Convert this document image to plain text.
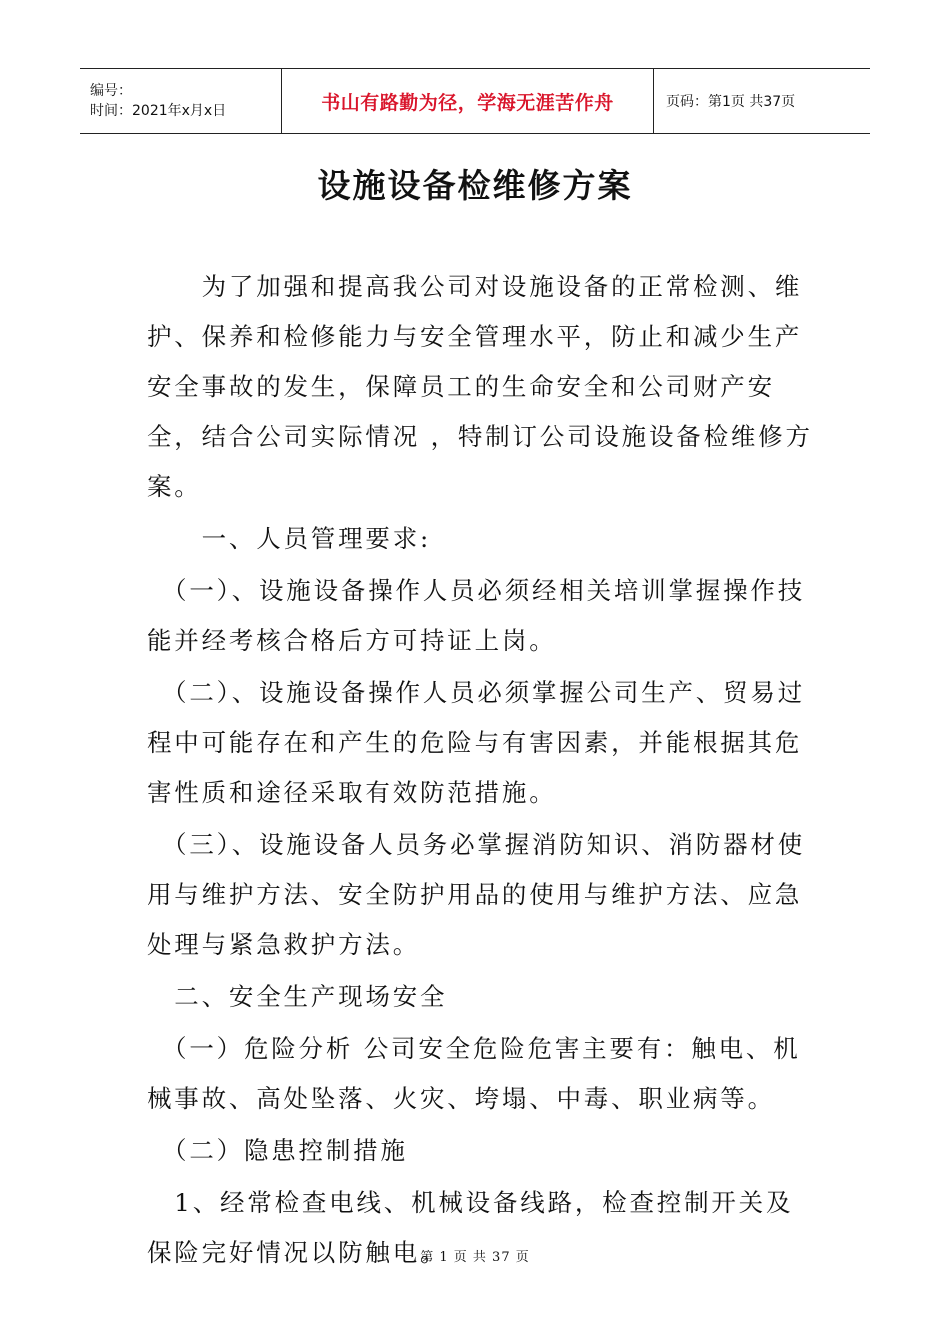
编号：
时间：2021年x月x日	书山有路勤为径，学海无涯苦作舟	页码：第1页 共37页
设施设备检维修方案

　　为了加强和提高我公司对设施设备的正常检测、维护、保养和检修能力与安全管理水平，防止和减少生产安全事故的发生，保障员工的生命安全和公司财产安全，结合公司实际情况 ，特制订公司设施设备检维修方案。

　　一、人员管理要求:

　（一）、设施设备操作人员必须经相关培训掌握操作技能并经考核合格后方可持证上岗。

　（二）、设施设备操作人员必须掌握公司生产、贸易过程中可能存在和产生的危险与有害因素，并能根据其危害性质和途径采取有效防范措施。

　（三）、设施设备人员务必掌握消防知识、消防器材使用与维护方法、安全防护用品的使用与维护方法、应急处理与紧急救护方法。

　二、安全生产现场安全

　（一）危险分析 公司安全危险危害主要有：触电、机械事故、高处坠落、火灾、垮塌、中毒、职业病等。

　（二）隐患控制措施

　1、经常检查电线、机械设备线路，检查控制开关及保险完好情况以防触电。

第 1 页 共 37 页
